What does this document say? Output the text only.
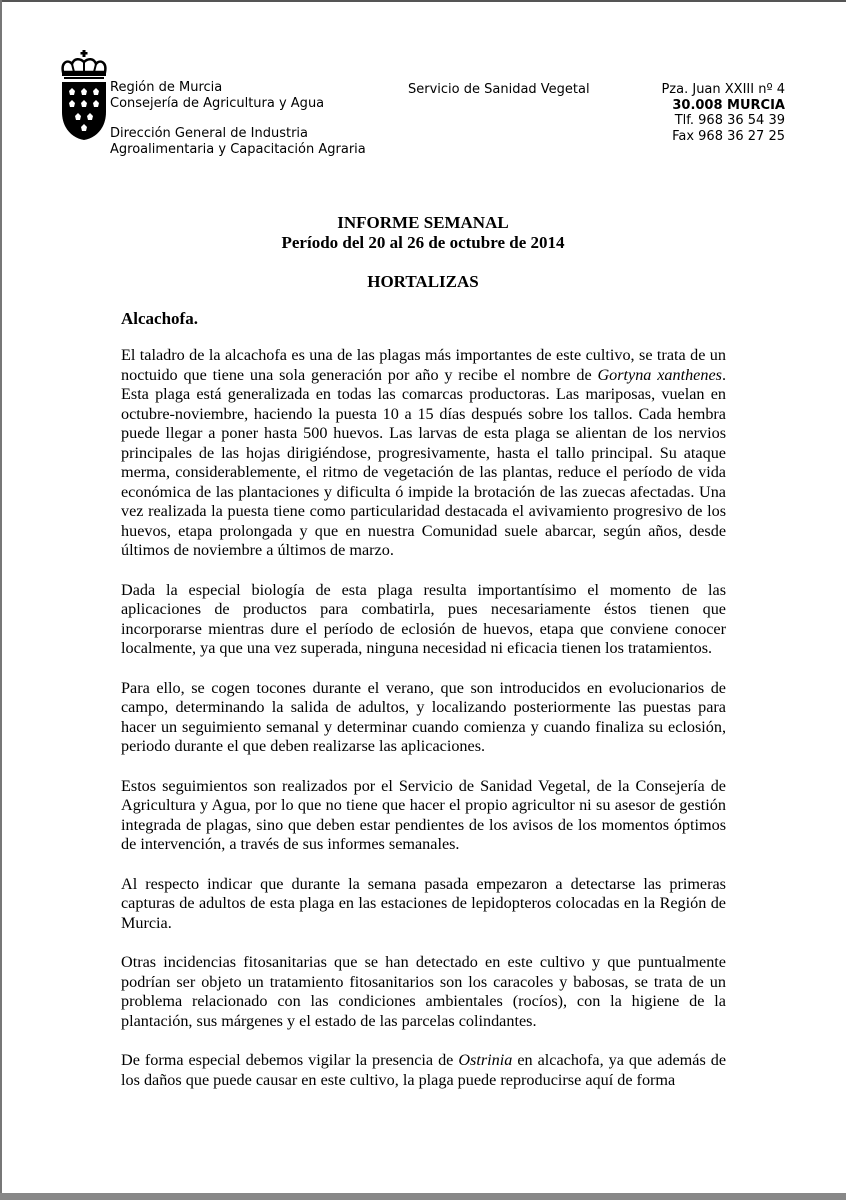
Región de Murcia
Consejería de Agricultura y Agua
Dirección General de Industria
Agroalimentaria y Capacitación Agraria
Servicio de Sanidad Vegetal	Pza. Juan XXIII nº 4
30.008 MURCIA
Tlf. 968 36 54 39
Fax 968 36 27 25
INFORME SEMANAL
Período del 20 al 26 de octubre de 2014
HORTALIZAS
Alcachofa.

El taladro de la alcachofa es una de las plagas más importantes de este cultivo, se trata de un noctuido que tiene una sola generación por año y recibe el nombre de Gortyna xanthenes. Esta plaga está generalizada en todas las comarcas productoras. Las mariposas, vuelan en octubre-noviembre, haciendo la puesta 10 a 15 días después sobre los tallos. Cada hembra puede llegar a poner hasta 500 huevos. Las larvas de esta plaga se alientan de los nervios principales de las hojas dirigiéndose, progresivamente, hasta el tallo principal. Su ataque merma, considerablemente, el ritmo de vegetación de las plantas, reduce el período de vida económica de las plantaciones y dificulta ó impide la brotación de las zuecas afectadas. Una vez realizada la puesta tiene como particularidad destacada el avivamiento progresivo de los huevos, etapa prolongada y que en nuestra Comunidad suele abarcar, según años, desde últimos de noviembre a últimos de marzo.

Dada la especial biología de esta plaga resulta importantísimo el momento de las aplicaciones de productos para combatirla, pues necesariamente éstos tienen que incorporarse mientras dure el período de eclosión de huevos, etapa que conviene conocer localmente, ya que una vez superada, ninguna necesidad ni eficacia tienen los tratamientos.

Para ello, se cogen tocones durante el verano, que son introducidos en evolucionarios de campo, determinando la salida de adultos, y localizando posteriormente las puestas para hacer un seguimiento semanal y determinar cuando comienza y cuando finaliza su eclosión, periodo durante el que deben realizarse las aplicaciones.

Estos seguimientos son realizados por el Servicio de Sanidad Vegetal, de la Consejería de Agricultura y Agua, por lo que no tiene que hacer el propio agricultor ni su asesor de gestión integrada de plagas, sino que deben estar pendientes de los avisos de los momentos óptimos de intervención, a través de sus informes semanales.

Al respecto indicar que durante la semana pasada empezaron a detectarse las primeras capturas de adultos de esta plaga en las estaciones de lepidopteros colocadas en la Región de Murcia.

Otras incidencias fitosanitarias que se han detectado en este cultivo y que puntualmente podrían ser objeto un tratamiento fitosanitarios son los caracoles y babosas, se trata de un problema relacionado con las condiciones ambientales (rocíos), con la higiene de la plantación, sus márgenes y el estado de las parcelas colindantes.

De forma especial debemos vigilar la presencia de Ostrinia en alcachofa, ya que además de los daños que puede causar en este cultivo, la plaga puede reproducirse aquí de forma
